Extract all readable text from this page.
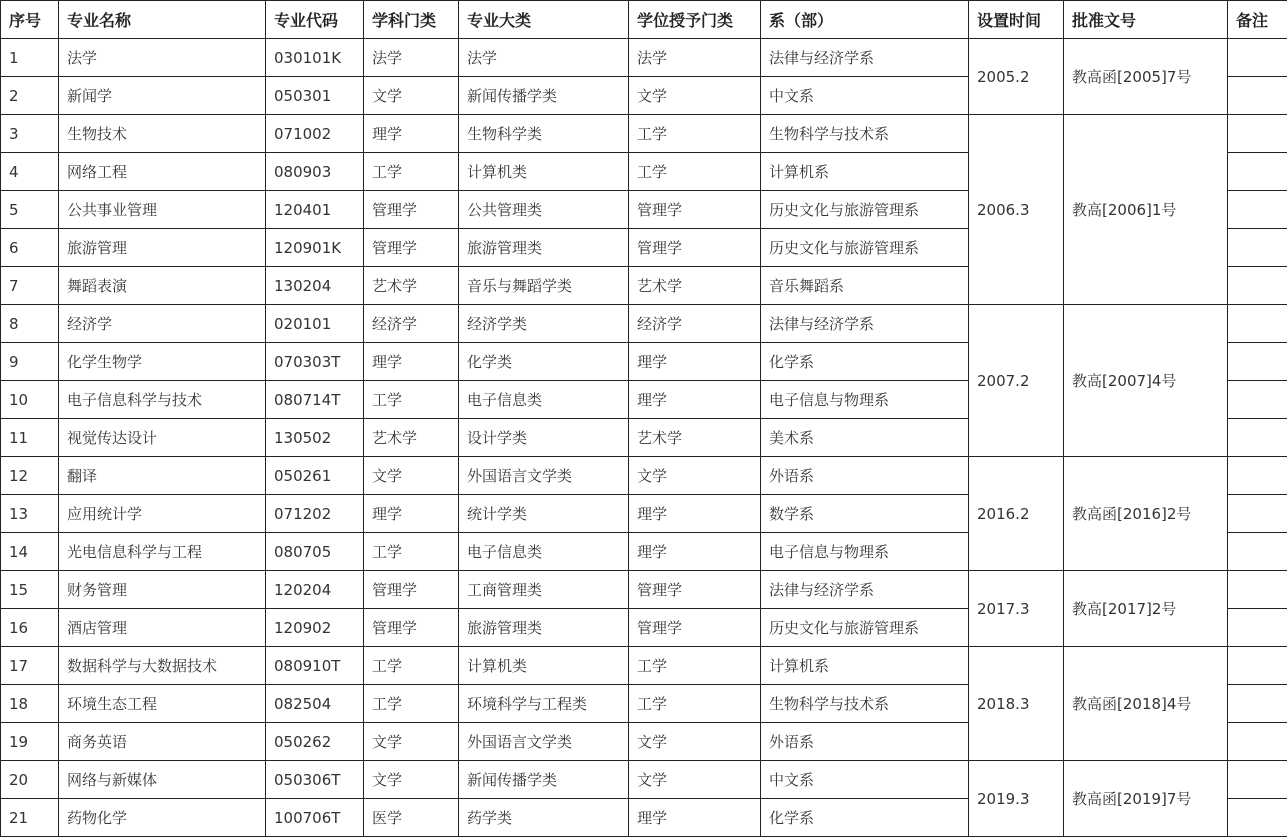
序号	专业名称	专业代码	学科门类	专业大类	学位授予门类	系（部）	设置时间	批准文号	备注
1	法学	030101K	法学	法学	法学	法律与经济学系	2005.2	教高函[2005]7号	
2	新闻学	050301	文学	新闻传播学类	文学	中文系			
3	生物技术	071002	理学	生物科学类	工学	生物科学与技术系	2006.3	教高[2006]1号	
4	网络工程	080903	工学	计算机类	工学	计算机系			
5	公共事业管理	120401	管理学	公共管理类	管理学	历史文化与旅游管理系			
6	旅游管理	120901K	管理学	旅游管理类	管理学	历史文化与旅游管理系			
7	舞蹈表演	130204	艺术学	音乐与舞蹈学类	艺术学	音乐舞蹈系			
8	经济学	020101	经济学	经济学类	经济学	法律与经济学系	2007.2	教高[2007]4号	
9	化学生物学	070303T	理学	化学类	理学	化学系			
10	电子信息科学与技术	080714T	工学	电子信息类	理学	电子信息与物理系			
11	视觉传达设计	130502	艺术学	设计学类	艺术学	美术系			
12	翻译	050261	文学	外国语言文学类	文学	外语系	2016.2	教高函[2016]2号	
13	应用统计学	071202	理学	统计学类	理学	数学系			
14	光电信息科学与工程	080705	工学	电子信息类	理学	电子信息与物理系			
15	财务管理	120204	管理学	工商管理类	管理学	法律与经济学系	2017.3	教高[2017]2号	
16	酒店管理	120902	管理学	旅游管理类	管理学	历史文化与旅游管理系			
17	数据科学与大数据技术	080910T	工学	计算机类	工学	计算机系	2018.3	教高函[2018]4号	
18	环境生态工程	082504	工学	环境科学与工程类	工学	生物科学与技术系			
19	商务英语	050262	文学	外国语言文学类	文学	外语系			
20	网络与新媒体	050306T	文学	新闻传播学类	文学	中文系	2019.3	教高函[2019]7号	
21	药物化学	100706T	医学	药学类	理学	化学系			
